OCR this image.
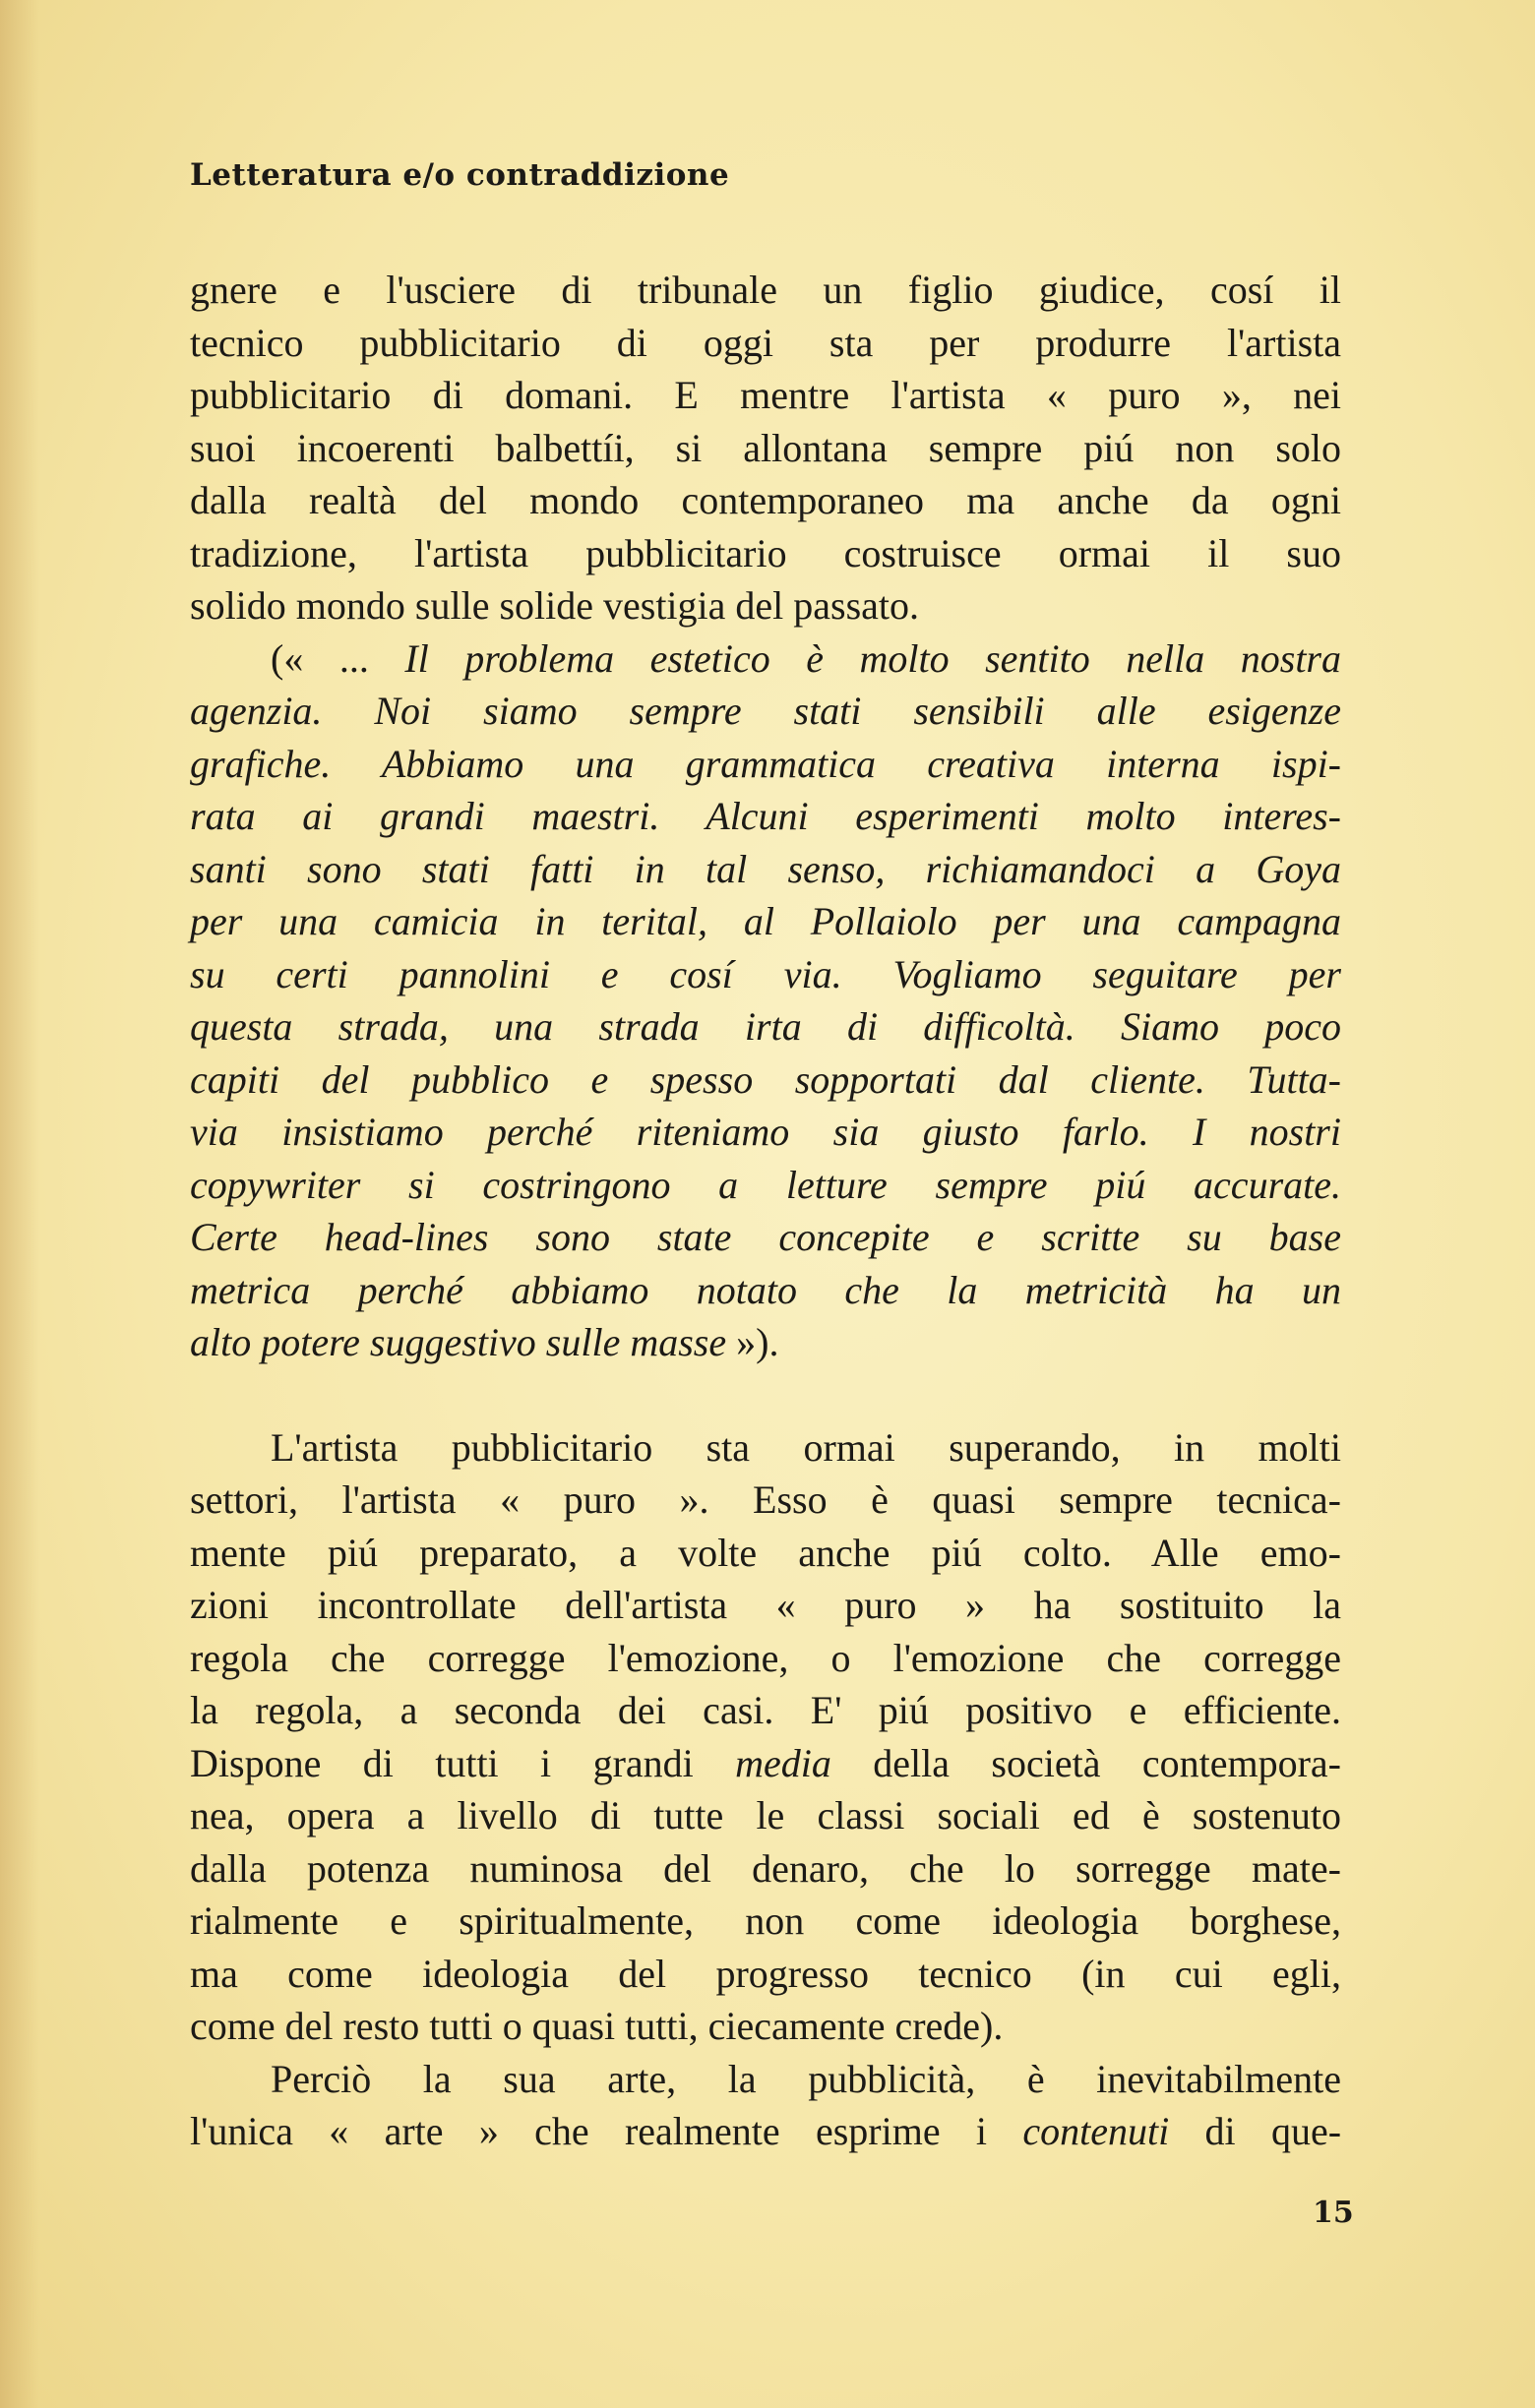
Letteratura e/o contraddizione
gnere e l'usciere di tribunale un figlio giudice, cosí il
tecnico pubblicitario di oggi sta per produrre l'artista
pubblicitario di domani. E mentre l'artista « puro », nei
suoi incoerenti balbettíi, si allontana sempre piú non solo
dalla realtà del mondo contemporaneo ma anche da ogni
tradizione, l'artista pubblicitario costruisce ormai il suo
solido mondo sulle solide vestigia del passato.
(« ... Il problema estetico è molto sentito nella nostra
agenzia. Noi siamo sempre stati sensibili alle esigenze
grafiche. Abbiamo una grammatica creativa interna ispi-
rata ai grandi maestri. Alcuni esperimenti molto interes-
santi sono stati fatti in tal senso, richiamandoci a Goya
per una camicia in terital, al Pollaiolo per una campagna
su certi pannolini e cosí via. Vogliamo seguitare per
questa strada, una strada irta di difficoltà. Siamo poco
capiti del pubblico e spesso sopportati dal cliente. Tutta-
via insistiamo perché riteniamo sia giusto farlo. I nostri
copywriter si costringono a letture sempre piú accurate.
Certe head-lines sono state concepite e scritte su base
metrica perché abbiamo notato che la metricità ha un
alto potere suggestivo sulle masse »).
L'artista pubblicitario sta ormai superando, in molti
settori, l'artista « puro ». Esso è quasi sempre tecnica-
mente piú preparato, a volte anche piú colto. Alle emo-
zioni incontrollate dell'artista « puro » ha sostituito la
regola che corregge l'emozione, o l'emozione che corregge
la regola, a seconda dei casi. E' piú positivo e efficiente.
Dispone di tutti i grandi media della società contempora-
nea, opera a livello di tutte le classi sociali ed è sostenuto
dalla potenza numinosa del denaro, che lo sorregge mate-
rialmente e spiritualmente, non come ideologia borghese,
ma come ideologia del progresso tecnico (in cui egli,
come del resto tutti o quasi tutti, ciecamente crede).
Perciò la sua arte, la pubblicità, è inevitabilmente
l'unica « arte » che realmente esprime i contenuti di que-
15
